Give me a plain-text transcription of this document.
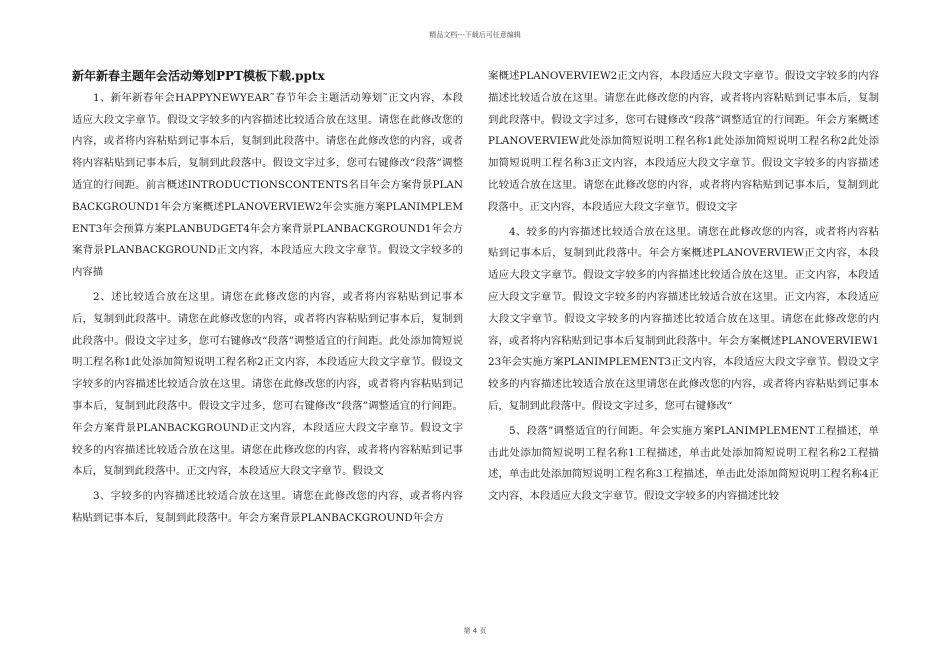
精品文档---下载后可任意编辑

新年新春主题年会活动筹划PPT模板下载.pptx

1、新年新春年会HAPPYNEWYEAR˜春节年会主题活动筹划˜正文内容，本段适应大段文字章节。假设文字较多的内容描述比较适合放在这里。请您在此修改您的内容，或者将内容粘贴到记事本后，复制到此段落中。请您在此修改您的内容，或者将内容粘贴到记事本后，复制到此段落中。假设文字过多，您可右键修改“段落”调整适宜的行间距。前言概述INTRODUCTIONSCONTENTS名目年会方案背景PLANBACKGROUND1年会方案概述PLANOVERVIEW2年会实施方案PLANIMPLEMENT3年会预算方案PLANBUDGET4年会方案背景PLANBACKGROUND1年会方案背景PLANBACKGROUND正文内容，本段适应大段文字章节。假设文字较多的内容描

2、述比较适合放在这里。请您在此修改您的内容，或者将内容粘贴到记事本后，复制到此段落中。请您在此修改您的内容，或者将内容粘贴到记事本后，复制到此段落中。假设文字过多，您可右键修改“段落”调整适宜的行间距。此处添加简短说明工程名称1此处添加简短说明工程名称2正文内容，本段适应大段文字章节。假设文字较多的内容描述比较适合放在这里。请您在此修改您的内容，或者将内容粘贴到记事本后，复制到此段落中。假设文字过多，您可右键修改“段落”调整适宜的行间距。年会方案背景PLANBACKGROUND正文内容，本段适应大段文字章节。假设文字较多的内容描述比较适合放在这里。请您在此修改您的内容，或者将内容粘贴到记事本后，复制到此段落中。正文内容，本段适应大段文字章节。假设文

3、字较多的内容描述比较适合放在这里。请您在此修改您的内容，或者将内容粘贴到记事本后，复制到此段落中。年会方案背景PLANBACKGROUND年会方

案概述PLANOVERVIEW2正文内容，本段适应大段文字章节。假设文字较多的内容描述比较适合放在这里。请您在此修改您的内容，或者将内容粘贴到记事本后，复制到此段落中。假设文字过多，您可右键修改“段落”调整适宜的行间距。年会方案概述PLANOVERVIEW此处添加简短说明工程名称1此处添加简短说明工程名称2此处添加简短说明工程名称3正文内容，本段适应大段文字章节。假设文字较多的内容描述比较适合放在这里。请您在此修改您的内容，或者将内容粘贴到记事本后，复制到此段落中。正文内容，本段适应大段文字章节。假设文字

4、较多的内容描述比较适合放在这里。请您在此修改您的内容，或者将内容粘贴到记事本后，复制到此段落中。年会方案概述PLANOVERVIEW正文内容，本段适应大段文字章节。假设文字较多的内容描述比较适合放在这里。正文内容，本段适应大段文字章节。假设文字较多的内容描述比较适合放在这里。正文内容，本段适应大段文字章节。假设文字较多的内容描述比较适合放在这里。请您在此修改您的内容，或者将内容粘贴到记事本后复制到此段落中。年会方案概述PLANOVERVIEW123年会实施方案PLANIMPLEMENT3正文内容，本段适应大段文字章节。假设文字较多的内容描述比较适合放在这里请您在此修改您的内容，或者将内容粘贴到记事本后，复制到此段落中。假设文字过多，您可右键修改“

5、段落”调整适宜的行间距。年会实施方案PLANIMPLEMENT工程描述，单击此处添加简短说明工程名称1工程描述，单击此处添加简短说明工程名称2工程描述，单击此处添加简短说明工程名称3工程描述，单击此处添加简短说明工程名称4正文内容，本段适应大段文字章节。假设文字较多的内容描述比较

第 4 页
